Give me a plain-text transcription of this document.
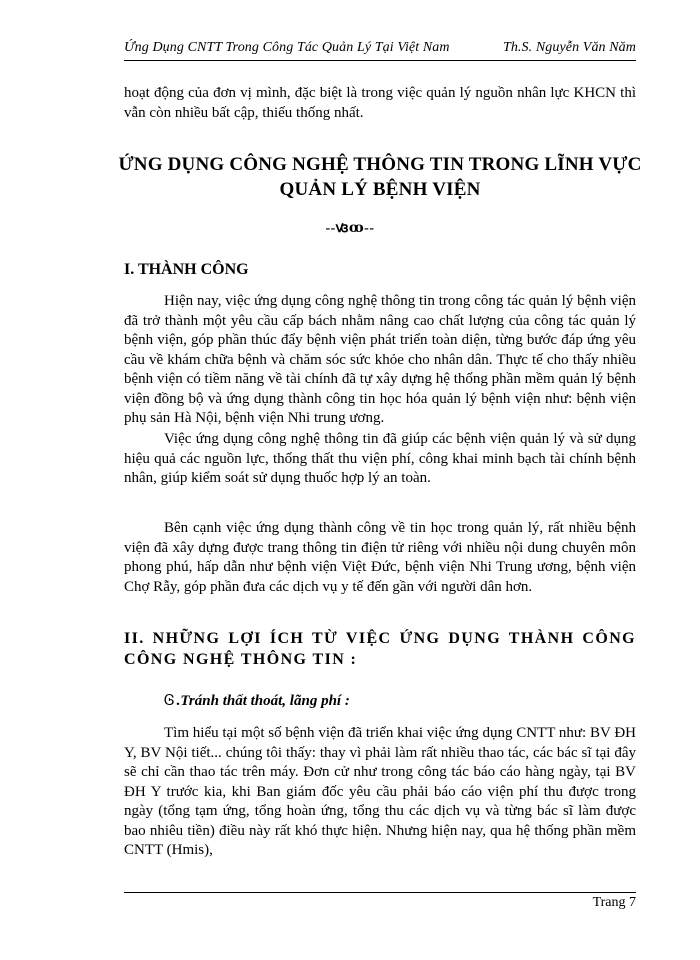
Ứng Dụng CNTT Trong Công Tác Quản Lý Tại Việt Nam	Th.S. Nguyễn Văn Năm

hoạt động của đơn vị mình, đặc biệt là trong việc quản lý nguồn nhân lực KHCN thì vẫn còn nhiều bất cập, thiếu thống nhất.

ỨNG DỤNG CÔNG NGHỆ THÔNG TIN TRONG LĨNH VỰC QUẢN LÝ BỆNH VIỆN
--ꟃꝏ--
I. THÀNH CÔNG

Hiện nay, việc ứng dụng công nghệ thông tin trong công tác quản lý bệnh viện đã trở thành một yêu cầu cấp bách nhằm nâng cao chất lượng của công tác quản lý bệnh viện, góp phần thúc đẩy bệnh viện phát triển toàn diện, từng bước đáp ứng yêu cầu về khám chữa bệnh và chăm sóc sức khỏe cho nhân dân. Thực tế cho thấy nhiều bệnh viện có tiềm năng về tài chính đã tự xây dựng hệ thống phần mềm quản lý bệnh viện đồng bộ và ứng dụng thành công tin học hóa quản lý bệnh viện như: bệnh viện phụ sản Hà Nội, bệnh viện Nhi trung ương.

Việc ứng dụng công nghệ thông tin đã giúp các bệnh viện quản lý và sử dụng hiệu quả các nguồn lực, thống thất thu viện phí, công khai minh bạch tài chính bệnh nhân, giúp kiểm soát sử dụng thuốc hợp lý an toàn.

Bên cạnh việc ứng dụng thành công về tin học trong quản lý, rất nhiều bệnh viện đã xây dựng được trang thông tin điện tử riêng với nhiều nội dung chuyên môn phong phú, hấp dẫn như bệnh viện Việt Đức, bệnh viện Nhi Trung ương, bệnh viện Chợ Rẫy, góp phần đưa các dịch vụ y tế đến gần với người dân hơn.

II. NHỮNG LỢI ÍCH TỪ VIỆC ỨNG DỤNG THÀNH CÔNG CÔNG NGHỆ THÔNG TIN :

Ꮆ .Tránh thất thoát, lãng phí :

Tìm hiểu tại một số bệnh viện đã triển khai việc ứng dụng CNTT như: BV ĐH Y, BV Nội tiết... chúng tôi thấy: thay vì phải làm rất nhiều thao tác, các bác sĩ tại đây sẽ chỉ cần thao tác trên máy. Đơn cử như trong công tác báo cáo hàng ngày, tại BV ĐH Y trước kia, khi Ban giám đốc yêu cầu phải báo cáo viện phí thu được trong ngày (tổng tạm ứng, tổng hoàn ứng, tổng thu các dịch vụ và từng bác sĩ làm được bao nhiêu tiền) điều này rất khó thực hiện. Nhưng hiện nay, qua hệ thống phần mềm CNTT (Hmis),

Trang 7
